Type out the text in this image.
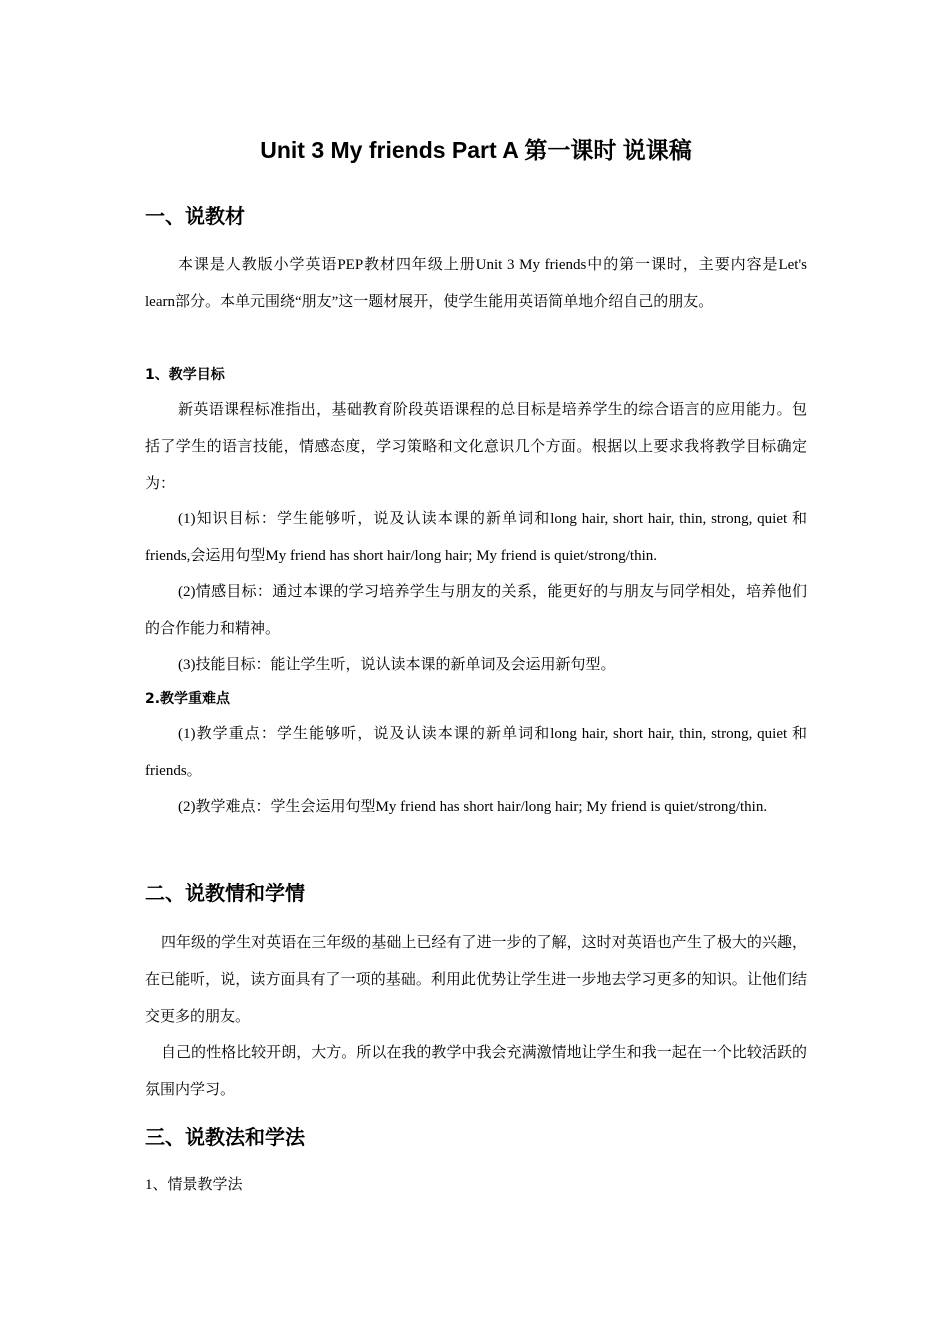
Unit 3 My friends Part A 第一课时 说课稿
一、说教材

本课是人教版小学英语PEP教材四年级上册Unit 3 My friends中的第一课时，主要内容是Let's learn部分。本单元围绕“朋友”这一题材展开，使学生能用英语简单地介绍自己的朋友。

1、教学目标

新英语课程标准指出，基础教育阶段英语课程的总目标是培养学生的综合语言的应用能力。包括了学生的语言技能，情感态度，学习策略和文化意识几个方面。根据以上要求我将教学目标确定为：

(1)知识目标：学生能够听，说及认读本课的新单词和long hair, short hair, thin, strong, quiet 和 friends,会运用句型My friend has short hair/long hair; My friend is quiet/strong/thin.

(2)情感目标：通过本课的学习培养学生与朋友的关系，能更好的与朋友与同学相处，培养他们的合作能力和精神。

(3)技能目标：能让学生听，说认读本课的新单词及会运用新句型。

2.教学重难点

(1)教学重点：学生能够听，说及认读本课的新单词和long hair, short hair, thin, strong, quiet 和 friends。

(2)教学难点：学生会运用句型My friend has short hair/long hair; My friend is quiet/strong/thin.

二、说教情和学情

四年级的学生对英语在三年级的基础上已经有了进一步的了解，这时对英语也产生了极大的兴趣，在已能听，说，读方面具有了一项的基础。利用此优势让学生进一步地去学习更多的知识。让他们结交更多的朋友。

自己的性格比较开朗，大方。所以在我的教学中我会充满激情地让学生和我一起在一个比较活跃的氛围内学习。

三、说教法和学法

1、情景教学法
